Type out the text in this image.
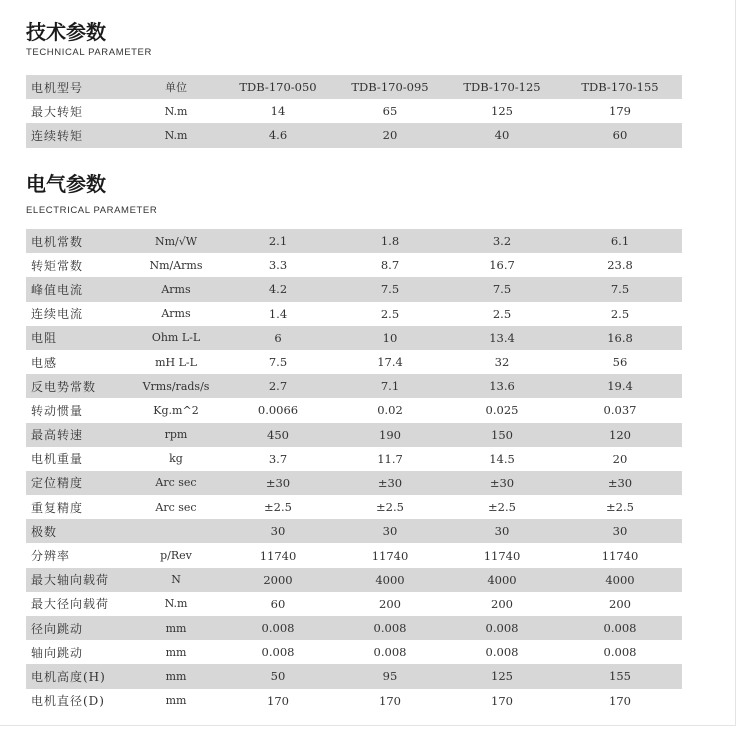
技术参数
TECHNICAL PARAMETER
电机型号	单位	TDB-170-050	TDB-170-095	TDB-170-125	TDB-170-155
最大转矩	N.m	14	65	125	179
连续转矩	N.m	4.6	20	40	60
电气参数
ELECTRICAL PARAMETER
电机常数	Nm/√W	2.1	1.8	3.2	6.1
转矩常数	Nm/Arms	3.3	8.7	16.7	23.8
峰值电流	Arms	4.2	7.5	7.5	7.5
连续电流	Arms	1.4	2.5	2.5	2.5
电阻	Ohm L-L	6	10	13.4	16.8
电感	mH L-L	7.5	17.4	32	56
反电势常数	Vrms/rads/s	2.7	7.1	13.6	19.4
转动惯量	Kg.m^2	0.0066	0.02	0.025	0.037
最高转速	rpm	450	190	150	120
电机重量	kg	3.7	11.7	14.5	20
定位精度	Arc sec	±30	±30	±30	±30
重复精度	Arc sec	±2.5	±2.5	±2.5	±2.5
极数		30	30	30	30
分辨率	p/Rev	11740	11740	11740	11740
最大轴向载荷	N	2000	4000	4000	4000
最大径向载荷	N.m	60	200	200	200
径向跳动	mm	0.008	0.008	0.008	0.008
轴向跳动	mm	0.008	0.008	0.008	0.008
电机高度(H)	mm	50	95	125	155
电机直径(D)	mm	170	170	170	170
